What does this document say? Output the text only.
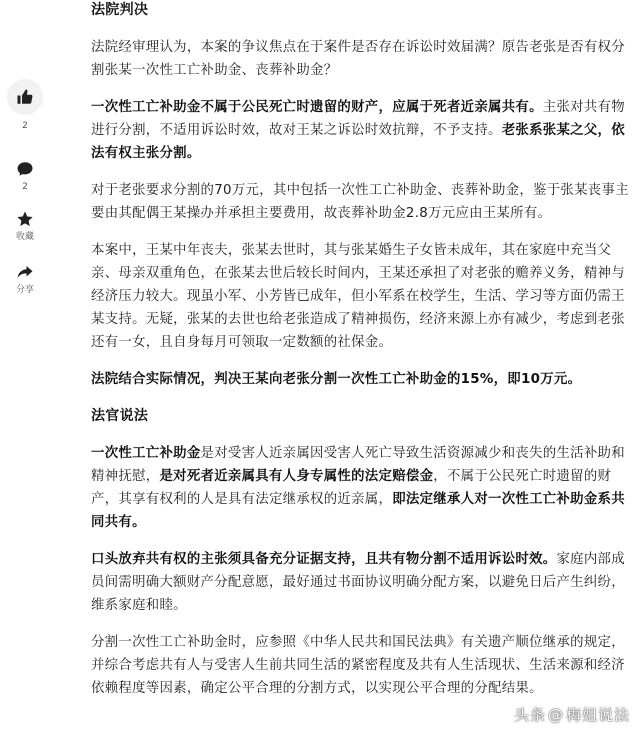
2
2
收藏
分享

法院判决

法院经审理认为，本案的争议焦点在于案件是否存在诉讼时效届满？原告老张是否有权分割张某一次性工亡补助金、丧葬补助金？

一次性工亡补助金不属于公民死亡时遗留的财产，应属于死者近亲属共有。主张对共有物进行分割，不适用诉讼时效，故对王某之诉讼时效抗辩，不予支持。老张系张某之父，依法有权主张分割。

对于老张要求分割的70万元，其中包括一次性工亡补助金、丧葬补助金，鉴于张某丧事主要由其配偶王某操办并承担主要费用，故丧葬补助金2.8万元应由王某所有。

本案中，王某中年丧夫，张某去世时，其与张某婚生子女皆未成年，其在家庭中充当父亲、母亲双重角色，在张某去世后较长时间内，王某还承担了对老张的赡养义务，精神与经济压力较大。现虽小军、小芳皆已成年，但小军系在校学生，生活、学习等方面仍需王某支持。无疑，张某的去世也给老张造成了精神损伤，经济来源上亦有减少，考虑到老张还有一女，且自身每月可领取一定数额的社保金。

法院结合实际情况，判决王某向老张分割一次性工亡补助金的15%，即10万元。

法官说法

一次性工亡补助金是对受害人近亲属因受害人死亡导致生活资源减少和丧失的生活补助和精神抚慰，是对死者近亲属具有人身专属性的法定赔偿金，不属于公民死亡时遗留的财产，其享有权利的人是具有法定继承权的近亲属，即法定继承人对一次性工亡补助金系共同共有。

口头放弃共有权的主张须具备充分证据支持，且共有物分割不适用诉讼时效。家庭内部成员间需明确大额财产分配意愿，最好通过书面协议明确分配方案，以避免日后产生纠纷，维系家庭和睦。

分割一次性工亡补助金时，应参照《中华人民共和国民法典》有关遗产顺位继承的规定，并综合考虑共有人与受害人生前共同生活的紧密程度及共有人生活现状、生活来源和经济依赖程度等因素，确定公平合理的分割方式，以实现公平合理的分配结果。

头条 @ 梅姐说法
